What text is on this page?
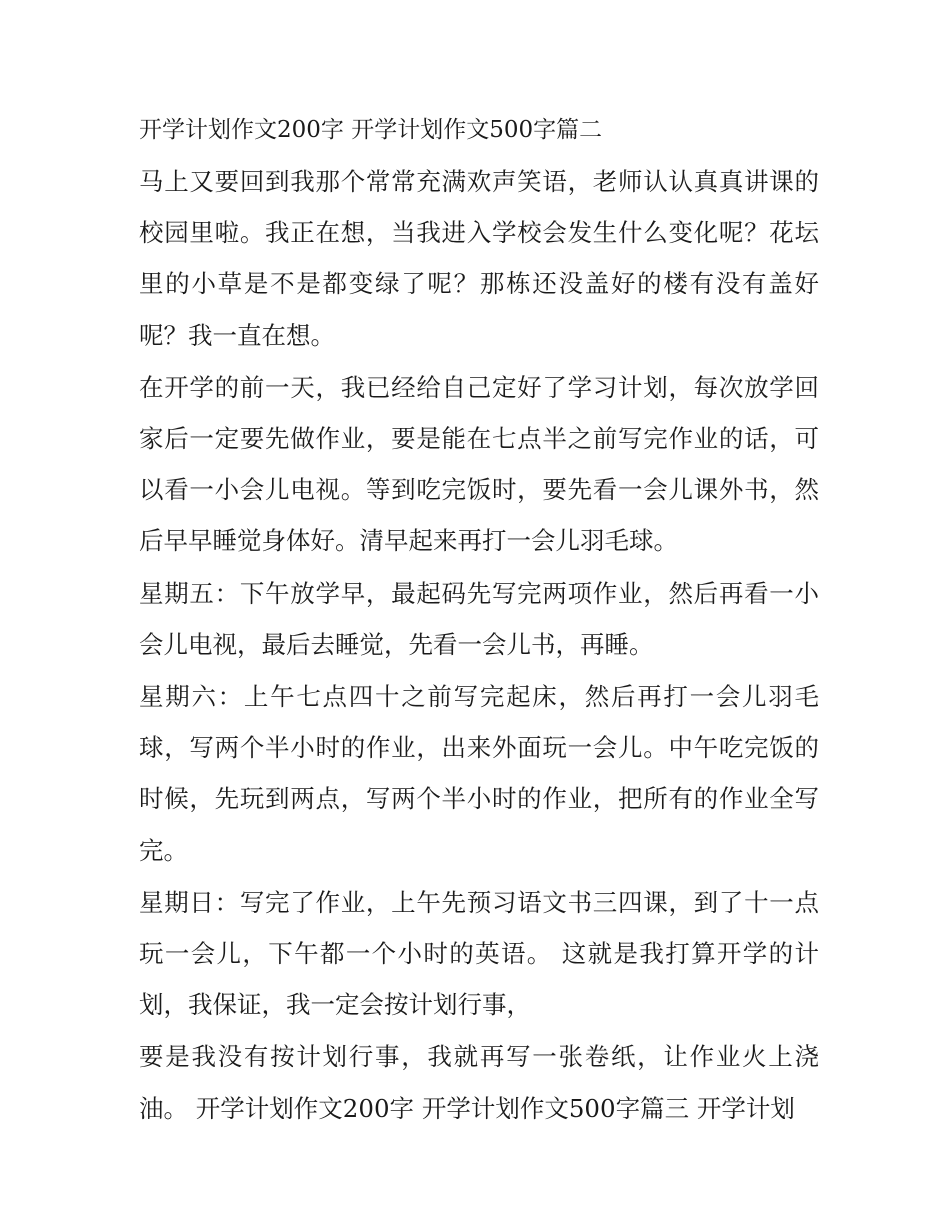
开学计划作文200字 开学计划作文500字篇二

马上又要回到我那个常常充满欢声笑语，老师认认真真讲课的校园里啦。我正在想，当我进入学校会发生什么变化呢？花坛里的小草是不是都变绿了呢？那栋还没盖好的楼有没有盖好呢？我一直在想。

在开学的前一天，我已经给自己定好了学习计划，每次放学回家后一定要先做作业，要是能在七点半之前写完作业的话，可以看一小会儿电视。等到吃完饭时，要先看一会儿课外书，然后早早睡觉身体好。清早起来再打一会儿羽毛球。

星期五：下午放学早，最起码先写完两项作业，然后再看一小会儿电视，最后去睡觉，先看一会儿书，再睡。

星期六：上午七点四十之前写完起床，然后再打一会儿羽毛球，写两个半小时的作业，出来外面玩一会儿。中午吃完饭的时候，先玩到两点，写两个半小时的作业，把所有的作业全写完。

星期日：写完了作业，上午先预习语文书三四课，到了十一点玩一会儿，下午都一个小时的英语。 这就是我打算开学的计划，我保证，我一定会按计划行事，

要是我没有按计划行事，我就再写一张卷纸，让作业火上浇油。 开学计划作文200字 开学计划作文500字篇三 开学计划
